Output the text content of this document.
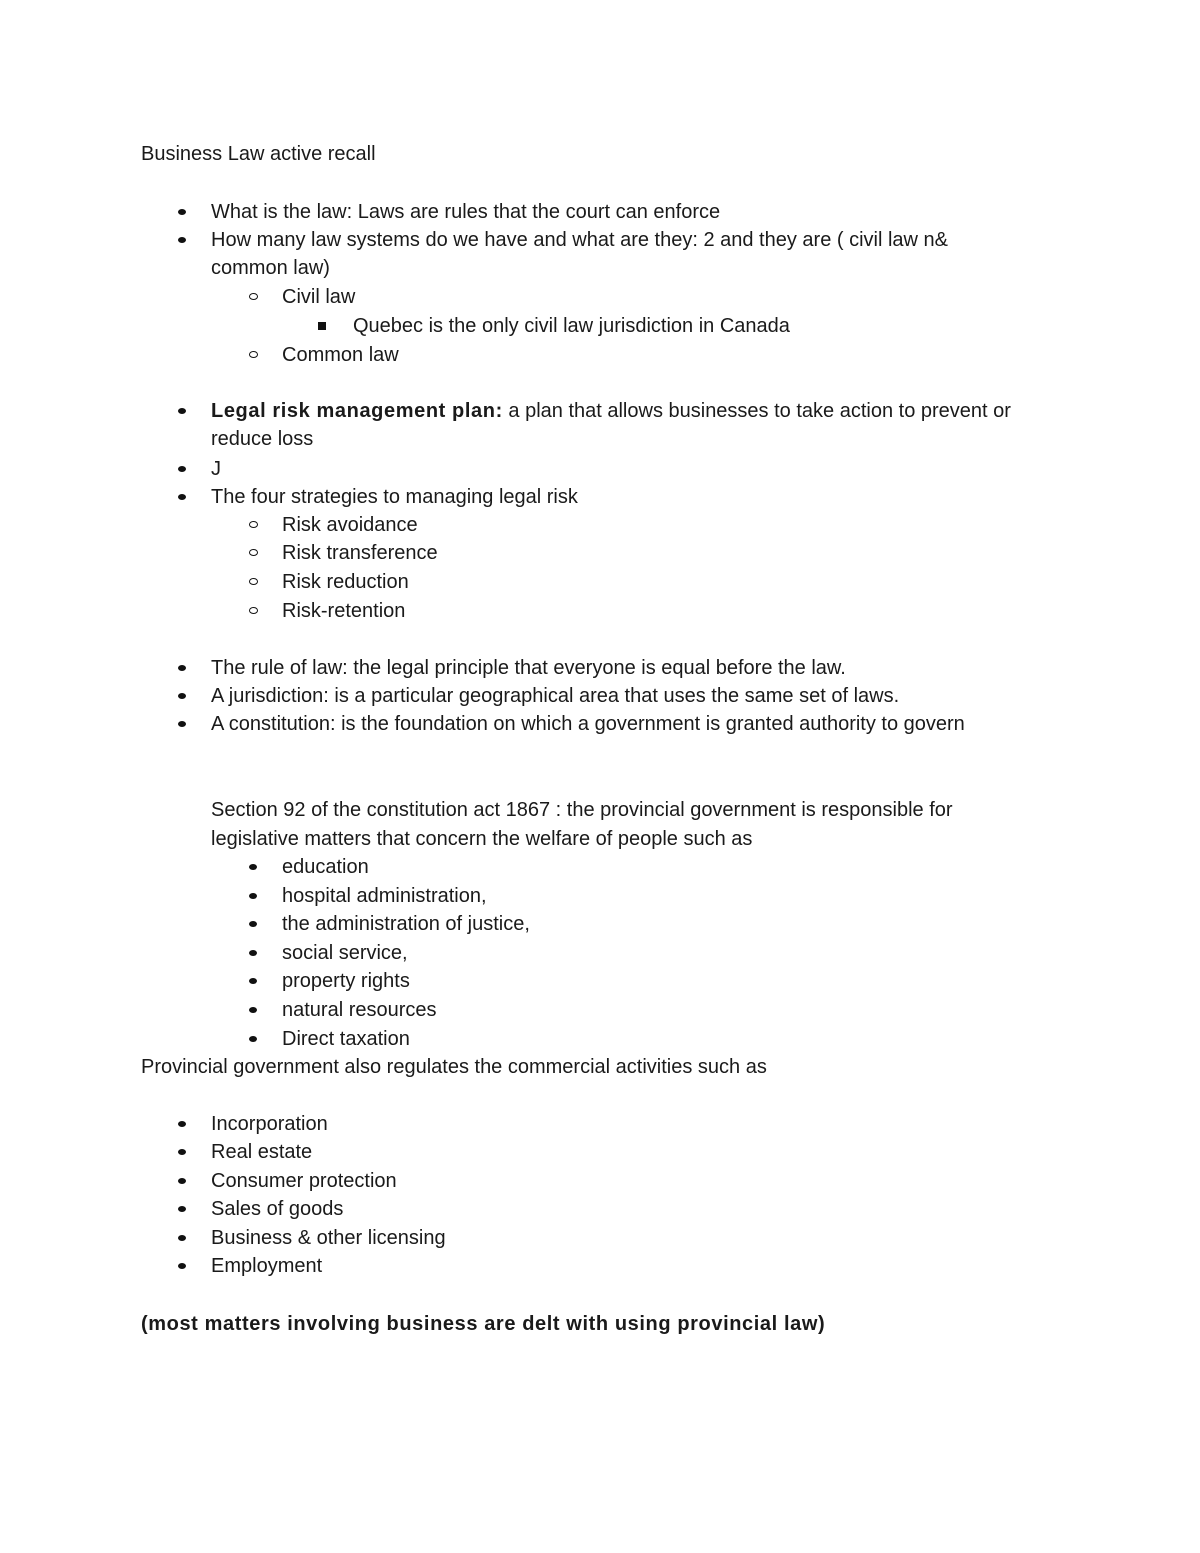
Business Law active recall
What is the law: Laws are rules that the court can enforce
How many law systems do we have and what are they: 2 and they are ( civil law n&
common law)
Civil law
Quebec is the only civil law jurisdiction in Canada
Common law
Legal risk management plan: a plan that allows businesses to take action to prevent or
reduce loss
J
The four strategies to managing legal risk
Risk avoidance
Risk transference
Risk reduction
Risk-retention
The rule of law: the legal principle that everyone is equal before the law.
A jurisdiction: is a particular geographical area that uses the same set of laws.
A constitution: is the foundation on which a government is granted authority to govern
Section 92 of the constitution act 1867 : the provincial government is responsible for
legislative matters that concern the welfare of people such as
education
hospital administration,
the administration of justice,
social service,
property rights
natural resources
Direct taxation
Provincial government also regulates the commercial activities such as
Incorporation
Real estate
Consumer protection
Sales of goods
Business & other licensing
Employment
(most matters involving business are delt with using provincial law)
